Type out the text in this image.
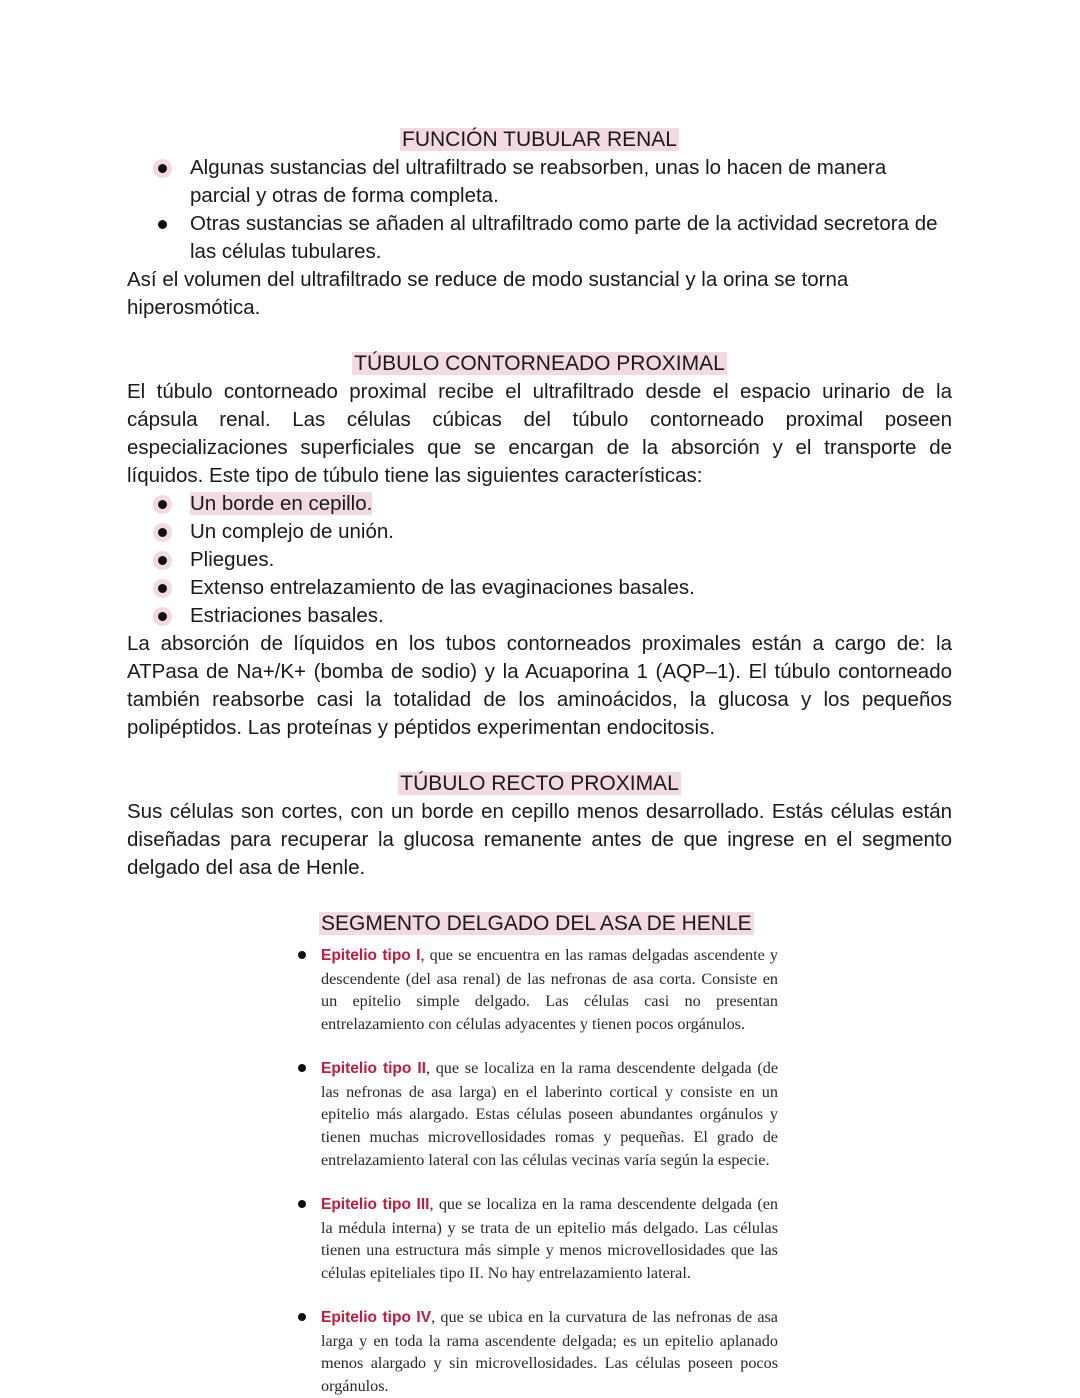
FUNCIÓN TUBULAR RENAL
Algunas sustancias del ultrafiltrado se reabsorben, unas lo hacen de manera parcial y otras de forma completa.
Otras sustancias se añaden al ultrafiltrado como parte de la actividad secretora de las células tubulares.

Así el volumen del ultrafiltrado se reduce de modo sustancial y la orina se torna hiperosmótica.

TÚBULO CONTORNEADO PROXIMAL

El túbulo contorneado proximal recibe el ultrafiltrado desde el espacio urinario de la cápsula renal. Las células cúbicas del túbulo contorneado proximal poseen especializaciones superficiales que se encargan de la absorción y el transporte de líquidos. Este tipo de túbulo tiene las siguientes características:

Un borde en cepillo.
Un complejo de unión.
Pliegues.
Extenso entrelazamiento de las evaginaciones basales.
Estriaciones basales.

La absorción de líquidos en los tubos contorneados proximales están a cargo de: la ATPasa de Na+/K+ (bomba de sodio) y la Acuaporina 1 (AQP–1). El túbulo contorneado también reabsorbe casi la totalidad de los aminoácidos, la glucosa y los pequeños polipéptidos. Las proteínas y péptidos experimentan endocitosis.

TÚBULO RECTO PROXIMAL

Sus células son cortes, con un borde en cepillo menos desarrollado. Estás células están diseñadas para recuperar la glucosa remanente antes de que ingrese en el segmento delgado del asa de Henle.

SEGMENTO DELGADO DEL ASA DE HENLE
Epitelio tipo I, que se encuentra en las ramas delgadas ascendente y descendente (del asa renal) de las nefronas de asa corta. Consiste en un epitelio simple delgado. Las células casi no presentan entrelazamiento con células adyacentes y tienen pocos orgánulos.
Epitelio tipo II, que se localiza en la rama descendente delgada (de las nefronas de asa larga) en el laberinto cortical y consiste en un epitelio más alargado. Estas células poseen abundantes orgánulos y tienen muchas microvellosidades romas y pequeñas. El grado de entrelazamiento lateral con las células vecinas varía según la especie.
Epitelio tipo III, que se localiza en la rama descendente delgada (en la médula interna) y se trata de un epitelio más delgado. Las células tienen una estructura más simple y menos microvellosidades que las células epiteliales tipo II. No hay entrelazamiento lateral.
Epitelio tipo IV, que se ubica en la curvatura de las nefronas de asa larga y en toda la rama ascendente delgada; es un epitelio aplanado menos alargado y sin microvellosidades. Las células poseen pocos orgánulos.
